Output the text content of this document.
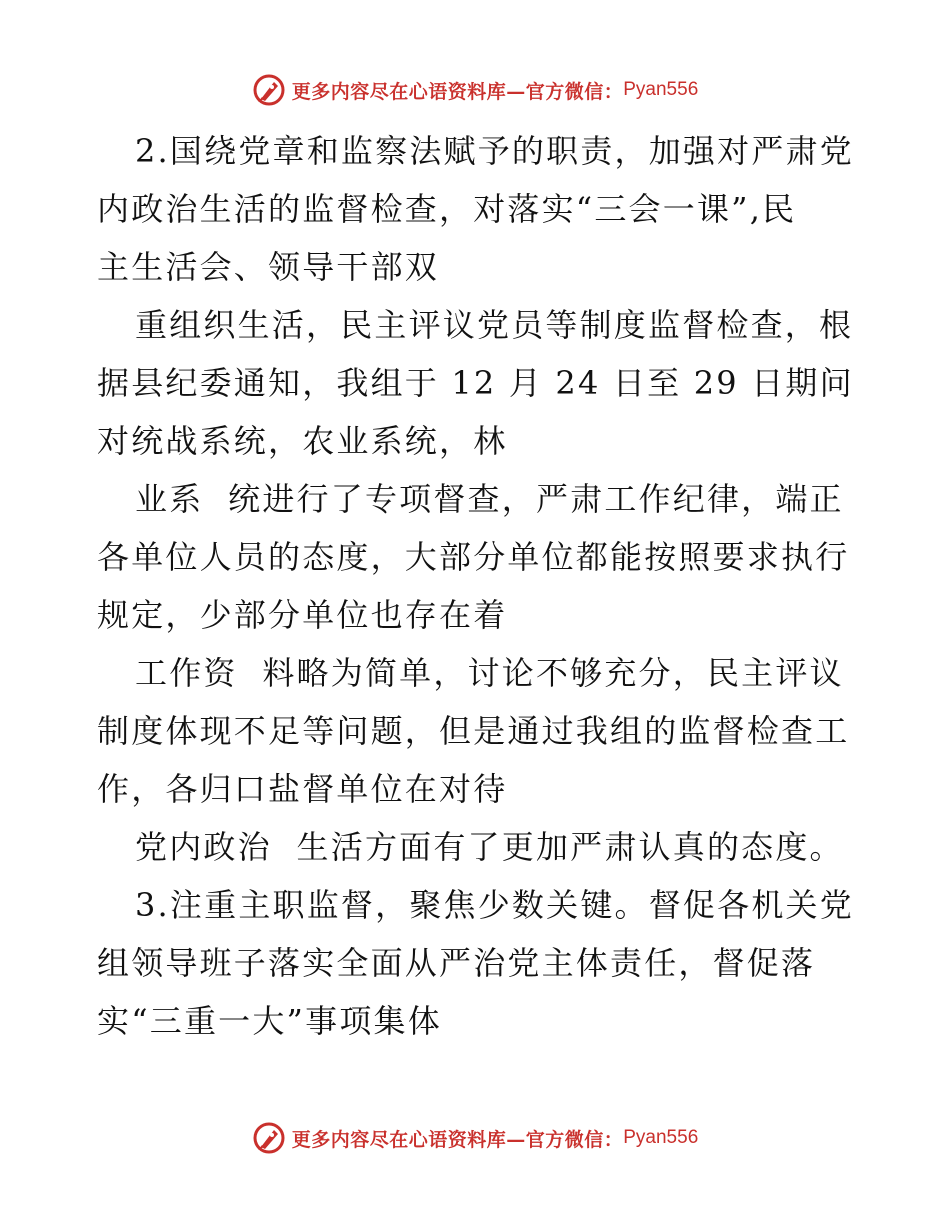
更多内容尽在心语资料库—官方微信： Pyan556
2.国绕党章和监察法赋予的职责，加强对严肃党
内政治生活的监督检查，对落实“三会一课”,民
主生活会、领导干部双
重组织生活，民主评议党员等制度监督检查，根
据县纪委通知，我组于 12 月 24 日至 29 日期问
对统战系统，农业系统，林
业系  统进行了专项督查，严肃工作纪律，端正
各单位人员的态度，大部分单位都能按照要求执行
规定，少部分单位也存在着
工作资  料略为简单，讨论不够充分，民主评议
制度体现不足等问题，但是通过我组的监督检查工
作，各归口盐督单位在对待
党内政治  生活方面有了更加严肃认真的态度。
3.注重主职监督，聚焦少数关键。督促各机关党
组领导班子落实全面从严治党主体责任，督促落
实“三重一大”事项集体
更多内容尽在心语资料库—官方微信： Pyan556
